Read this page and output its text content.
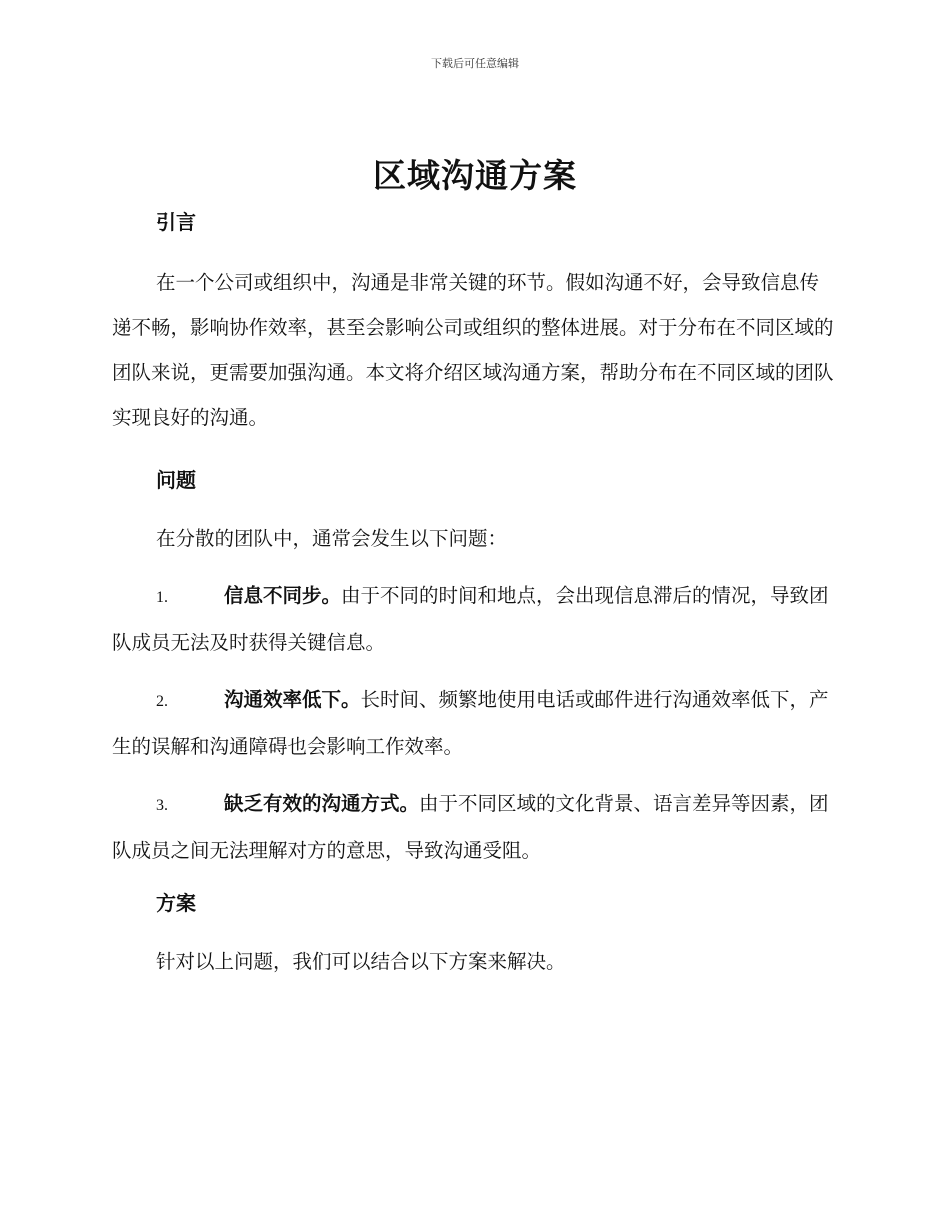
下载后可任意编辑
区域沟通方案
引言

在一个公司或组织中，沟通是非常关键的环节。假如沟通不好，会导致信息传递不畅，影响协作效率，甚至会影响公司或组织的整体进展。对于分布在不同区域的团队来说，更需要加强沟通。本文将介绍区域沟通方案，帮助分布在不同区域的团队实现良好的沟通。

问题

在分散的团队中，通常会发生以下问题：

1.	信息不同步。由于不同的时间和地点，会出现信息滞后的情况，导致团队成员无法及时获得关键信息。
2.	沟通效率低下。长时间、频繁地使用电话或邮件进行沟通效率低下，产生的误解和沟通障碍也会影响工作效率。
3.	缺乏有效的沟通方式。由于不同区域的文化背景、语言差异等因素，团队成员之间无法理解对方的意思，导致沟通受阻。
方案

针对以上问题，我们可以结合以下方案来解决。
